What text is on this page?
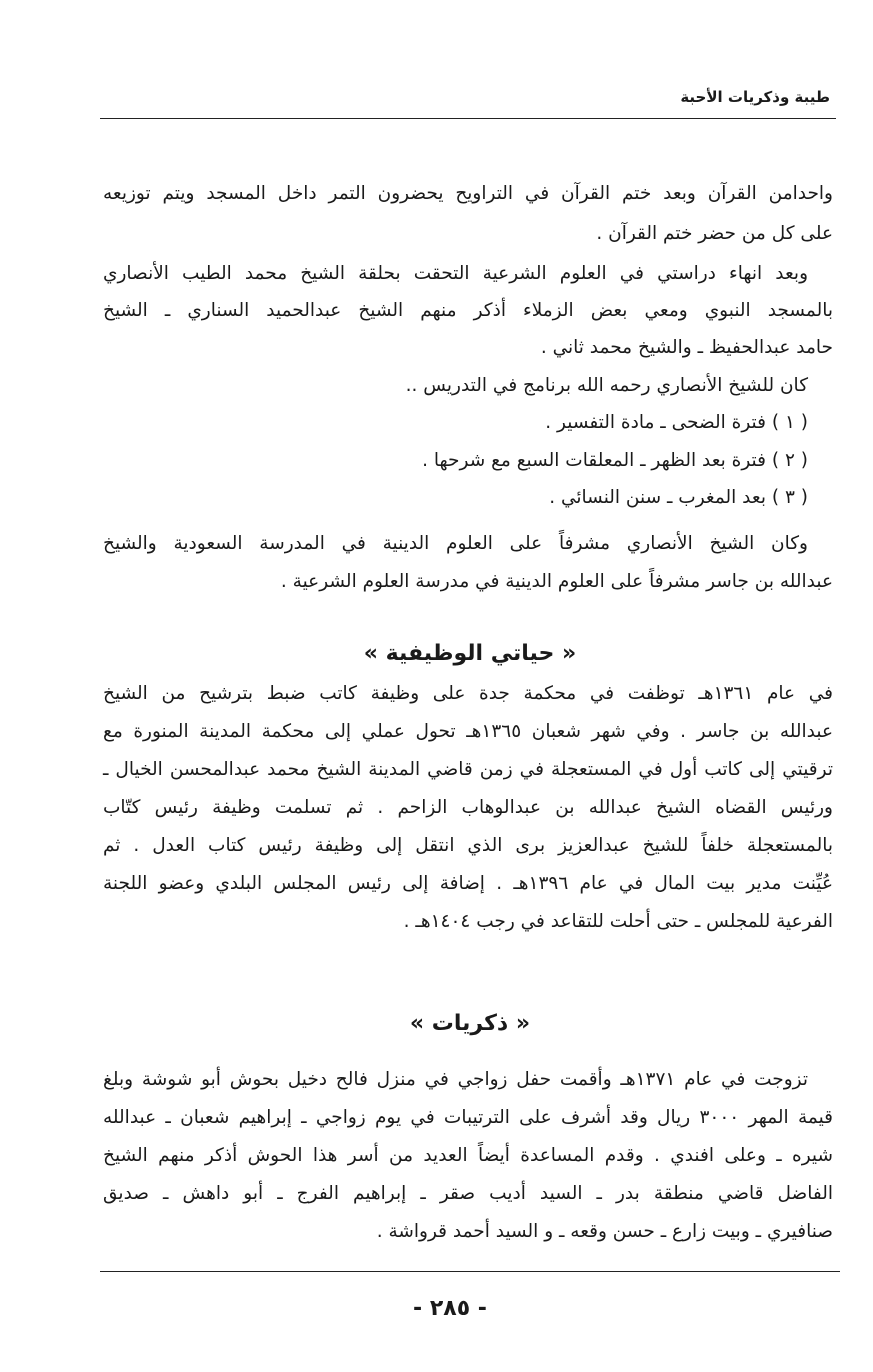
طيبة وذكريات الأحبة
واحدامن القرآن وبعد ختم القرآن في التراويح يحضرون التمر داخل المسجد ويتم توزيعه
على كل من حضر ختم القرآن .
وبعد انهاء دراستي في العلوم الشرعية التحقت بحلقة الشيخ محمد الطيب الأنصاري
بالمسجد النبوي ومعي بعض الزملاء أذكر منهم الشيخ عبدالحميد السناري ـ الشيخ
حامد عبدالحفيظ ـ والشيخ محمد ثاني .
كان للشيخ الأنصاري رحمه الله برنامج في التدريس ..
( ١ ) فترة الضحى ـ مادة التفسير .
( ٢ ) فترة بعد الظهر ـ المعلقات السبع مع شرحها .
( ٣ ) بعد المغرب ـ سنن النسائي .
وكان الشيخ الأنصاري مشرفاً على العلوم الدينية في المدرسة السعودية والشيخ
عبدالله بن جاسر مشرفاً على العلوم الدينية في مدرسة العلوم الشرعية .
« حياتي الوظيفية »
في عام ١٣٦١هـ توظفت في محكمة جدة على وظيفة كاتب ضبط بترشيح من الشيخ
عبدالله بن جاسر . وفي شهر شعبان ١٣٦٥هـ تحول عملي إلى محكمة المدينة المنورة مع
ترقيتي إلى كاتب أول في المستعجلة في زمن قاضي المدينة الشيخ محمد عبدالمحسن الخيال ـ
ورئيس القضاه الشيخ عبدالله بن عبدالوهاب الزاحم . ثم تسلمت وظيفة رئيس كتّاب
بالمستعجلة خلفاً للشيخ عبدالعزيز برى الذي انتقل إلى وظيفة رئيس كتاب العدل . ثم
عُيِّنت مدير بيت المال في عام ١٣٩٦هـ . إضافة إلى رئيس المجلس البلدي وعضو اللجنة
الفرعية للمجلس ـ حتى أحلت للتقاعد في رجب ١٤٠٤هـ .
« ذكريات »
تزوجت في عام ١٣٧١هـ وأقمت حفل زواجي في منزل فالح دخيل بحوش أبو شوشة وبلغ
قيمة المهر ٣٠٠٠ ريال وقد أشرف على الترتيبات في يوم زواجي ـ إبراهيم شعبان ـ عبدالله
شيره ـ وعلى افندي . وقدم المساعدة أيضاً العديد من أسر هذا الحوش أذكر منهم الشيخ
الفاضل قاضي منطقة بدر ـ السيد أديب صقر ـ إبراهيم الفرج ـ أبو داهش ـ صديق
صنافيري ـ وبيت زارع ـ حسن وقعه ـ و السيد أحمد قرواشة .
- ٢٨٥ -
